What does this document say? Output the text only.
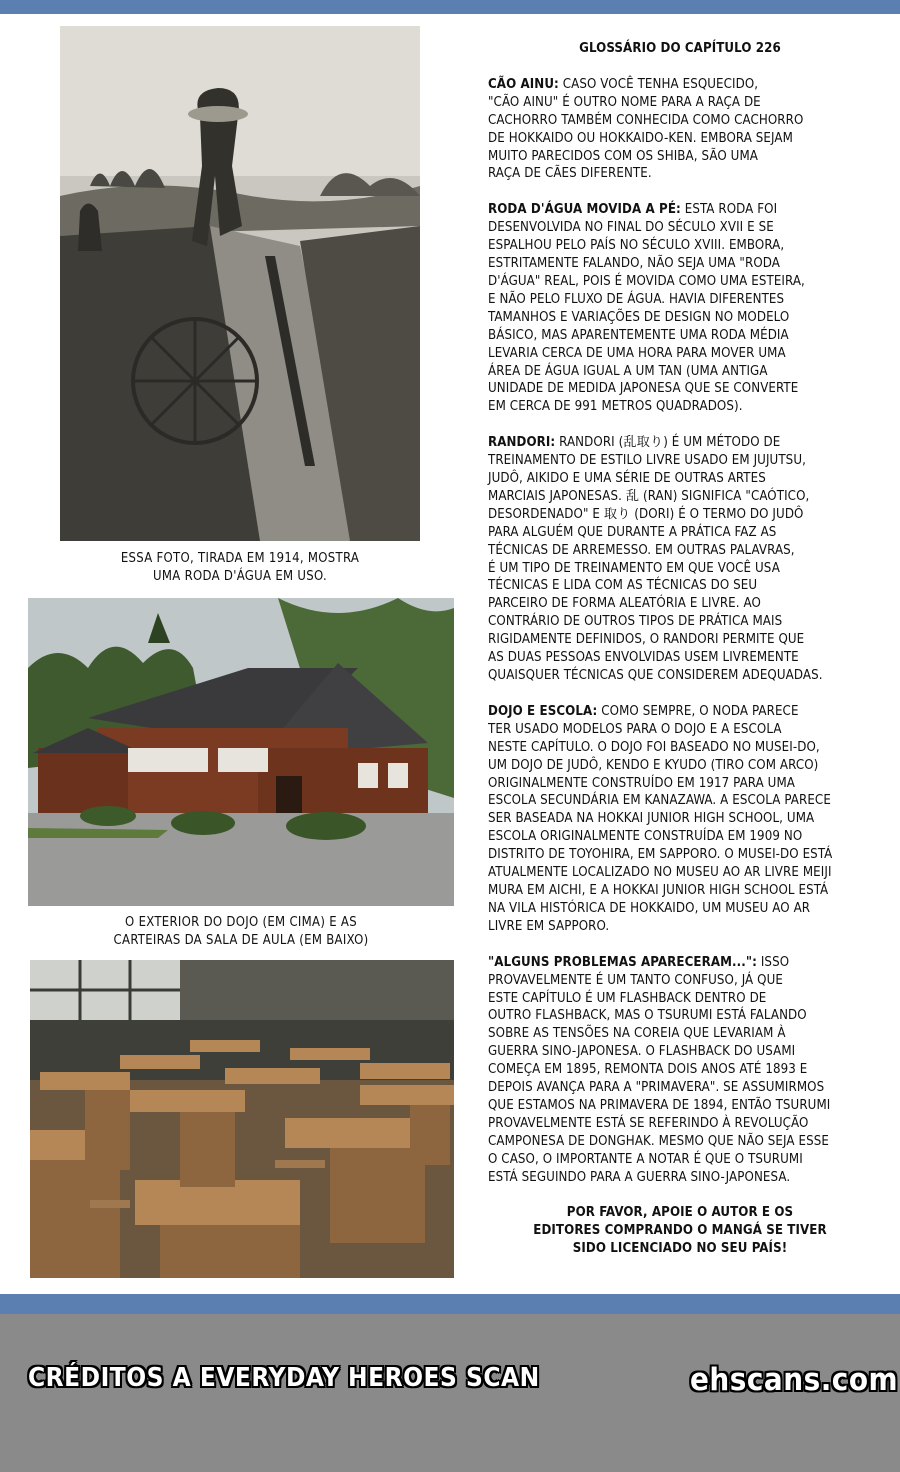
ESSA FOTO, TIRADA EM 1914, MOSTRA
UMA RODA D'ÁGUA EM USO.
O EXTERIOR DO DOJO (EM CIMA) E AS
CARTEIRAS DA SALA DE AULA (EM BAIXO)
GLOSSÁRIO DO CAPÍTULO 226

CÃO AINU: CASO VOCÊ TENHA ESQUECIDO,
"CÃO AINU" É OUTRO NOME PARA A RAÇA DE
CACHORRO TAMBÉM CONHECIDA COMO CACHORRO
DE HOKKAIDO OU HOKKAIDO-KEN. EMBORA SEJAM
MUITO PARECIDOS COM OS SHIBA, SÃO UMA
RAÇA DE CÃES DIFERENTE.

RODA D'ÁGUA MOVIDA A PÉ: ESTA RODA FOI
DESENVOLVIDA NO FINAL DO SÉCULO XVII E SE
ESPALHOU PELO PAÍS NO SÉCULO XVIII. EMBORA,
ESTRITAMENTE FALANDO, NÃO SEJA UMA "RODA
D'ÁGUA" REAL, POIS É MOVIDA COMO UMA ESTEIRA,
E NÃO PELO FLUXO DE ÁGUA. HAVIA DIFERENTES
TAMANHOS E VARIAÇÕES DE DESIGN NO MODELO
BÁSICO, MAS APARENTEMENTE UMA RODA MÉDIA
LEVARIA CERCA DE UMA HORA PARA MOVER UMA
ÁREA DE ÁGUA IGUAL A UM TAN (UMA ANTIGA
UNIDADE DE MEDIDA JAPONESA QUE SE CONVERTE
EM CERCA DE 991 METROS QUADRADOS).

RANDORI: RANDORI (乱取り) É UM MÉTODO DE
TREINAMENTO DE ESTILO LIVRE USADO EM JUJUTSU,
JUDÔ, AIKIDO E UMA SÉRIE DE OUTRAS ARTES
MARCIAIS JAPONESAS. 乱 (RAN) SIGNIFICA "CAÓTICO,
DESORDENADO" E 取り (DORI) É O TERMO DO JUDÔ
PARA ALGUÉM QUE DURANTE A PRÁTICA FAZ AS
TÉCNICAS DE ARREMESSO. EM OUTRAS PALAVRAS,
É UM TIPO DE TREINAMENTO EM QUE VOCÊ USA
TÉCNICAS E LIDA COM AS TÉCNICAS DO SEU
PARCEIRO DE FORMA ALEATÓRIA E LIVRE. AO
CONTRÁRIO DE OUTROS TIPOS DE PRÁTICA MAIS
RIGIDAMENTE DEFINIDOS, O RANDORI PERMITE QUE
AS DUAS PESSOAS ENVOLVIDAS USEM LIVREMENTE
QUAISQUER TÉCNICAS QUE CONSIDEREM ADEQUADAS.

DOJO E ESCOLA: COMO SEMPRE, O NODA PARECE
TER USADO MODELOS PARA O DOJO E A ESCOLA
NESTE CAPÍTULO. O DOJO FOI BASEADO NO MUSEI-DO,
UM DOJO DE JUDÔ, KENDO E KYUDO (TIRO COM ARCO)
ORIGINALMENTE CONSTRUÍDO EM 1917 PARA UMA
ESCOLA SECUNDÁRIA EM KANAZAWA. A ESCOLA PARECE
SER BASEADA NA HOKKAI JUNIOR HIGH SCHOOL, UMA
ESCOLA ORIGINALMENTE CONSTRUÍDA EM 1909 NO
DISTRITO DE TOYOHIRA, EM SAPPORO. O MUSEI-DO ESTÁ
ATUALMENTE LOCALIZADO NO MUSEU AO AR LIVRE MEIJI
MURA EM AICHI, E A HOKKAI JUNIOR HIGH SCHOOL ESTÁ
NA VILA HISTÓRICA DE HOKKAIDO, UM MUSEU AO AR
LIVRE EM SAPPORO.

"ALGUNS PROBLEMAS APARECERAM...": ISSO
PROVAVELMENTE É UM TANTO CONFUSO, JÁ QUE
ESTE CAPÍTULO É UM FLASHBACK DENTRO DE
OUTRO FLASHBACK, MAS O TSURUMI ESTÁ FALANDO
SOBRE AS TENSÕES NA COREIA QUE LEVARIAM À
GUERRA SINO-JAPONESA. O FLASHBACK DO USAMI
COMEÇA EM 1895, REMONTA DOIS ANOS ATÉ 1893 E
DEPOIS AVANÇA PARA A "PRIMAVERA". SE ASSUMIRMOS
QUE ESTAMOS NA PRIMAVERA DE 1894, ENTÃO TSURUMI
PROVAVELMENTE ESTÁ SE REFERINDO À REVOLUÇÃO
CAMPONESA DE DONGHAK. MESMO QUE NÃO SEJA ESSE
O CASO, O IMPORTANTE A NOTAR É QUE O TSURUMI
ESTÁ SEGUINDO PARA A GUERRA SINO-JAPONESA.

POR FAVOR, APOIE O AUTOR E OS
EDITORES COMPRANDO O MANGÁ SE TIVER
SIDO LICENCIADO NO SEU PAÍS!
CRÉDITOS A EVERYDAY HEROES SCAN	ehscans.com
